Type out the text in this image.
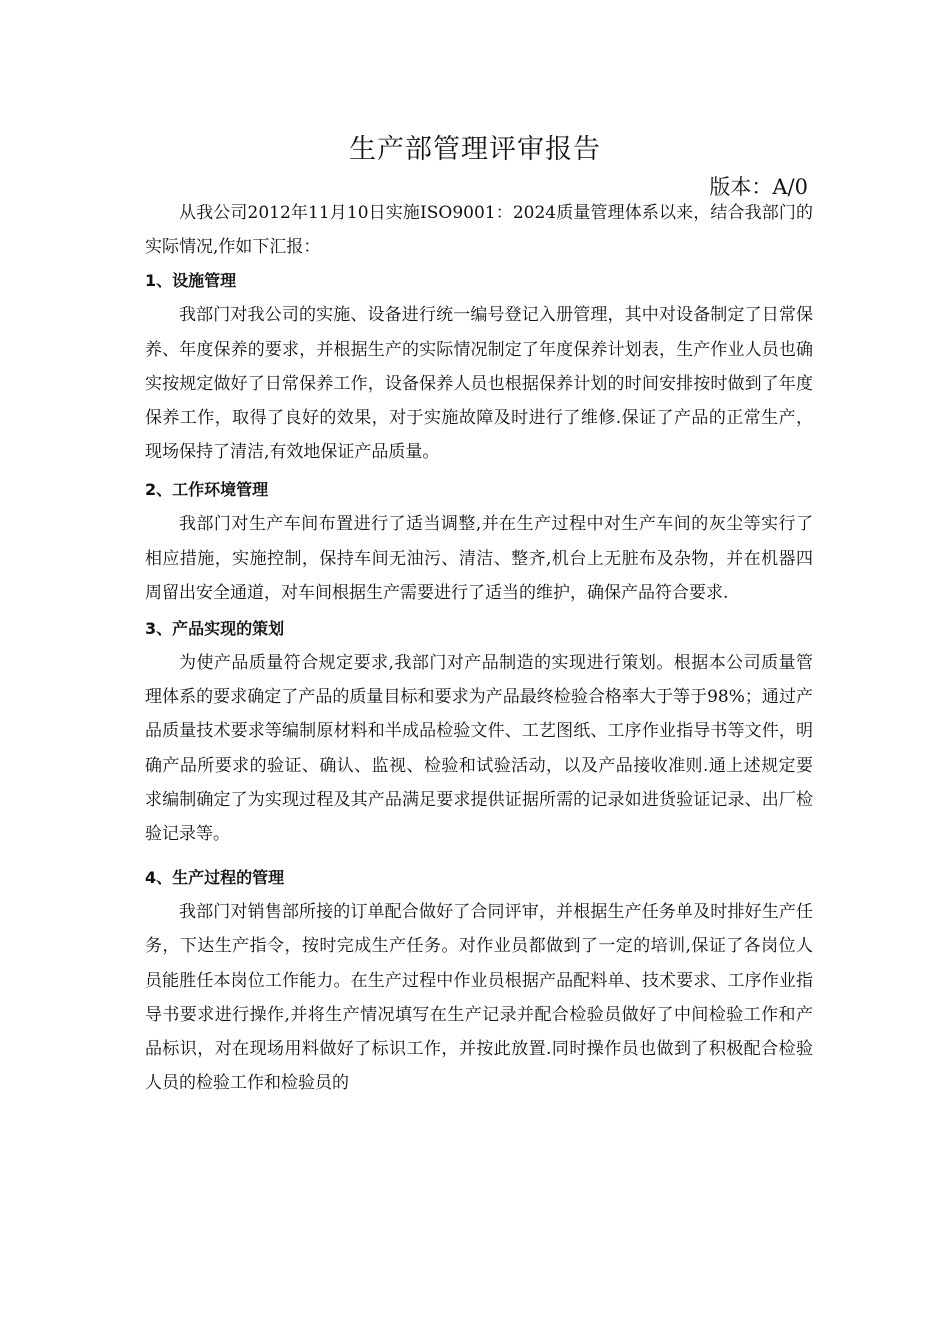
生产部管理评审报告
版本：A/0

从我公司2012年11月10日实施ISO9001：2024质量管理体系以来，结合我部门的实际情况,作如下汇报：

1、设施管理

我部门对我公司的实施、设备进行统一编号登记入册管理，其中对设备制定了日常保养、年度保养的要求，并根据生产的实际情况制定了年度保养计划表，生产作业人员也确实按规定做好了日常保养工作，设备保养人员也根据保养计划的时间安排按时做到了年度保养工作，取得了良好的效果，对于实施故障及时进行了维修.保证了产品的正常生产，现场保持了清洁,有效地保证产品质量。

2、工作环境管理

我部门对生产车间布置进行了适当调整,并在生产过程中对生产车间的灰尘等实行了相应措施，实施控制，保持车间无油污、清洁、整齐,机台上无脏布及杂物，并在机器四周留出安全通道，对车间根据生产需要进行了适当的维护，确保产品符合要求.

3、产品实现的策划

为使产品质量符合规定要求,我部门对产品制造的实现进行策划。根据本公司质量管理体系的要求确定了产品的质量目标和要求为产品最终检验合格率大于等于98%；通过产品质量技术要求等编制原材料和半成品检验文件、工艺图纸、工序作业指导书等文件，明确产品所要求的验证、确认、监视、检验和试验活动，以及产品接收准则.通上述规定要求编制确定了为实现过程及其产品满足要求提供证据所需的记录如进货验证记录、出厂检验记录等。

4、生产过程的管理

我部门对销售部所接的订单配合做好了合同评审，并根据生产任务单及时排好生产任务，下达生产指令，按时完成生产任务。对作业员都做到了一定的培训,保证了各岗位人员能胜任本岗位工作能力。在生产过程中作业员根据产品配料单、技术要求、工序作业指导书要求进行操作,并将生产情况填写在生产记录并配合检验员做好了中间检验工作和产品标识，对在现场用料做好了标识工作，并按此放置.同时操作员也做到了积极配合检验人员的检验工作和检验员的
